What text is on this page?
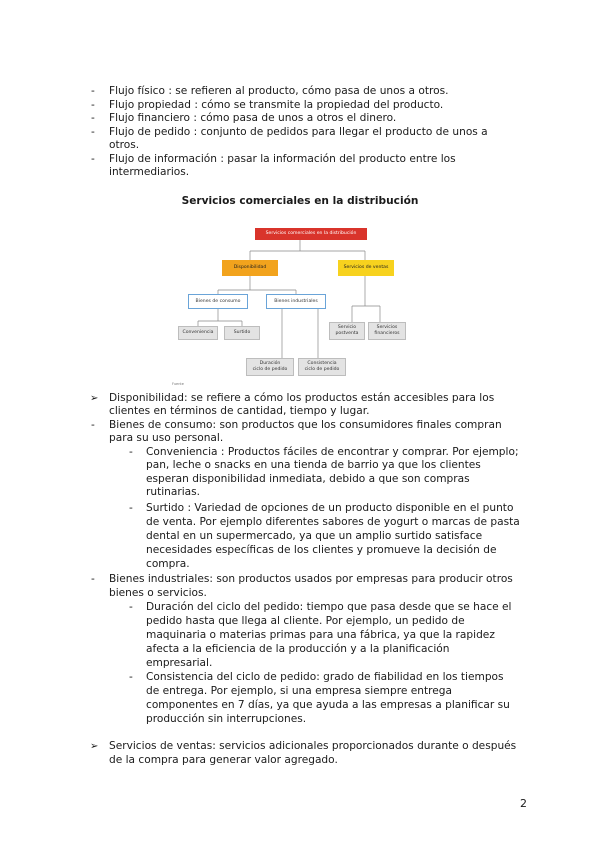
- Flujo físico : se refieren al producto, cómo pasa de unos a otros.
- Flujo propiedad : cómo se transmite la propiedad del producto.
- Flujo financiero : cómo pasa de unos a otros el dinero.
- Flujo de pedido : conjunto de pedidos para llegar el producto de unos a
otros.
- Flujo de información : pasar la información del producto entre los
intermediarios.
Servicios comerciales en la distribución
Servicios comerciales en la distribución
Disponibilidad	Servicios de ventas
Bienes de consumo	Bienes industriales
Conveniencia	Surtido
Servicio
postventa
Servicios
financieros
Duración
ciclo de pedido
Consistencia
ciclo de pedido
Fuente
➢ Disponibilidad: se refiere a cómo los productos están accesibles para los
clientes en términos de cantidad, tiempo y lugar.
- Bienes de consumo: son productos que los consumidores finales compran
para su uso personal.
- Conveniencia : Productos fáciles de encontrar y comprar. Por ejemplo;
pan, leche o snacks en una tienda de barrio ya que los clientes
esperan disponibilidad inmediata, debido a que son compras
rutinarias.
- Surtido : Variedad de opciones de un producto disponible en el punto
de venta. Por ejemplo diferentes sabores de yogurt o marcas de pasta
dental en un supermercado, ya que un amplio surtido satisface
necesidades específicas de los clientes y promueve la decisión de
compra.
- Bienes industriales: son productos usados por empresas para producir otros
bienes o servicios.
- Duración del ciclo del pedido: tiempo que pasa desde que se hace el
pedido hasta que llega al cliente. Por ejemplo, un pedido de
maquinaria o materias primas para una fábrica, ya que la rapidez
afecta a la eficiencia de la producción y a la planificación
empresarial.
- Consistencia del ciclo de pedido: grado de fiabilidad en los tiempos
de entrega. Por ejemplo, si una empresa siempre entrega
componentes en 7 días, ya que ayuda a las empresas a planificar su
producción sin interrupciones.
➢ Servicios de ventas: servicios adicionales proporcionados durante o después
de la compra para generar valor agregado.
2
